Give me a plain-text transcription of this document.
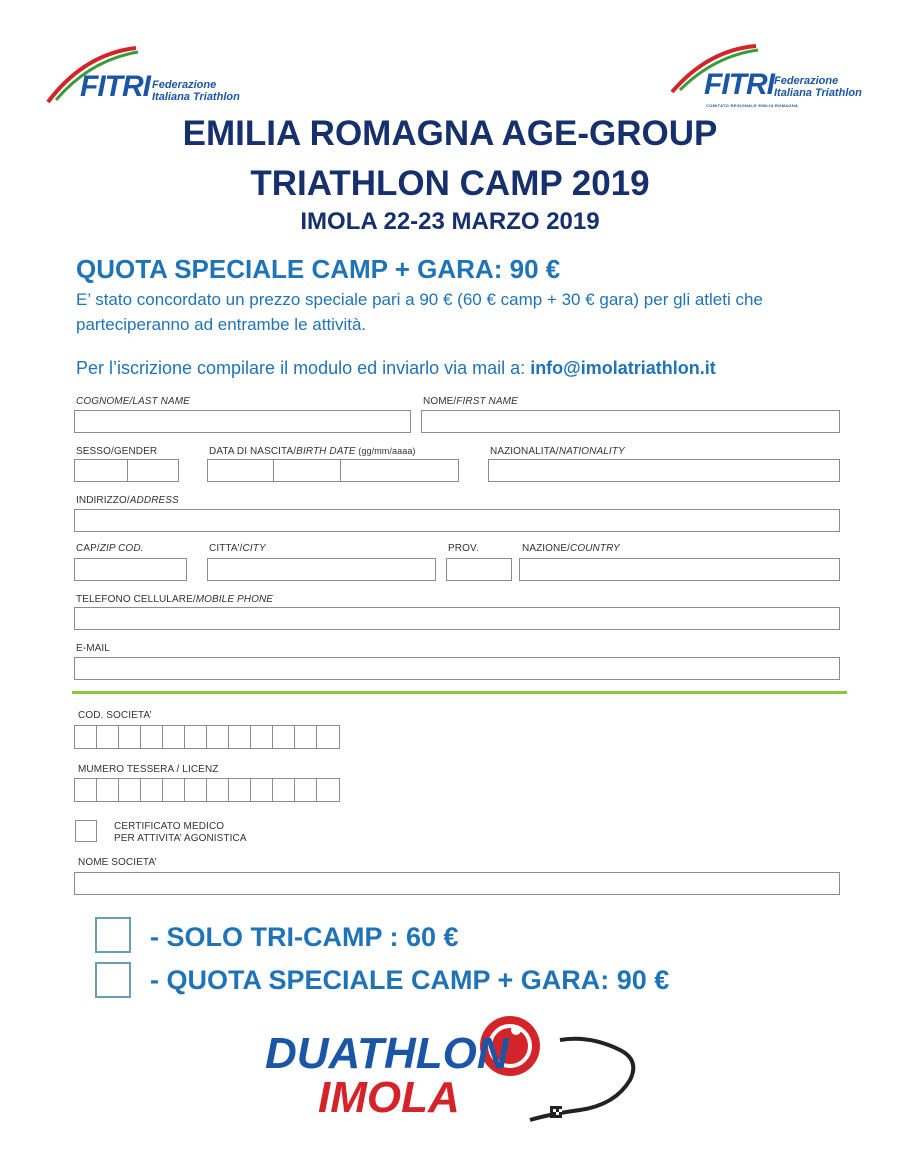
FITRI Federazione
Italiana Triathlon	FITRI Federazione
Italiana Triathlon
COMITATO REGIONALE EMILIA ROMAGNA
EMILIA ROMAGNA AGE-GROUP
TRIATHLON CAMP 2019
IMOLA 22-23 MARZO 2019
QUOTA SPECIALE CAMP + GARA: 90 €
E’ stato concordato un prezzo speciale pari a 90 € (60 € camp + 30 € gara) per gli atleti che parteciperanno ad entrambe le attività.
Per l’iscrizione compilare il modulo ed inviarlo via mail a: info@imolatriathlon.it
COGNOME/LAST NAME	NOME/FIRST NAME
SESSO/GENDER	DATA DI NASCITA/BIRTH DATE (gg/mm/aaaa)	NAZIONALITA/NATIONALITY
INDIRIZZO/ADDRESS
CAP/ZIP COD.	CITTA'/CITY	PROV.	NAZIONE/COUNTRY
TELEFONO CELLULARE/MOBILE PHONE
E-MAIL
COD. SOCIETA’
MUMERO TESSERA / LICENZ
CERTIFICATO MEDICO
PER ATTIVITA’ AGONISTICA
NOME SOCIETA’
- SOLO TRI-CAMP : 60 €
- QUOTA SPECIALE CAMP + GARA: 90 €
DUATHLON
IMOLA
